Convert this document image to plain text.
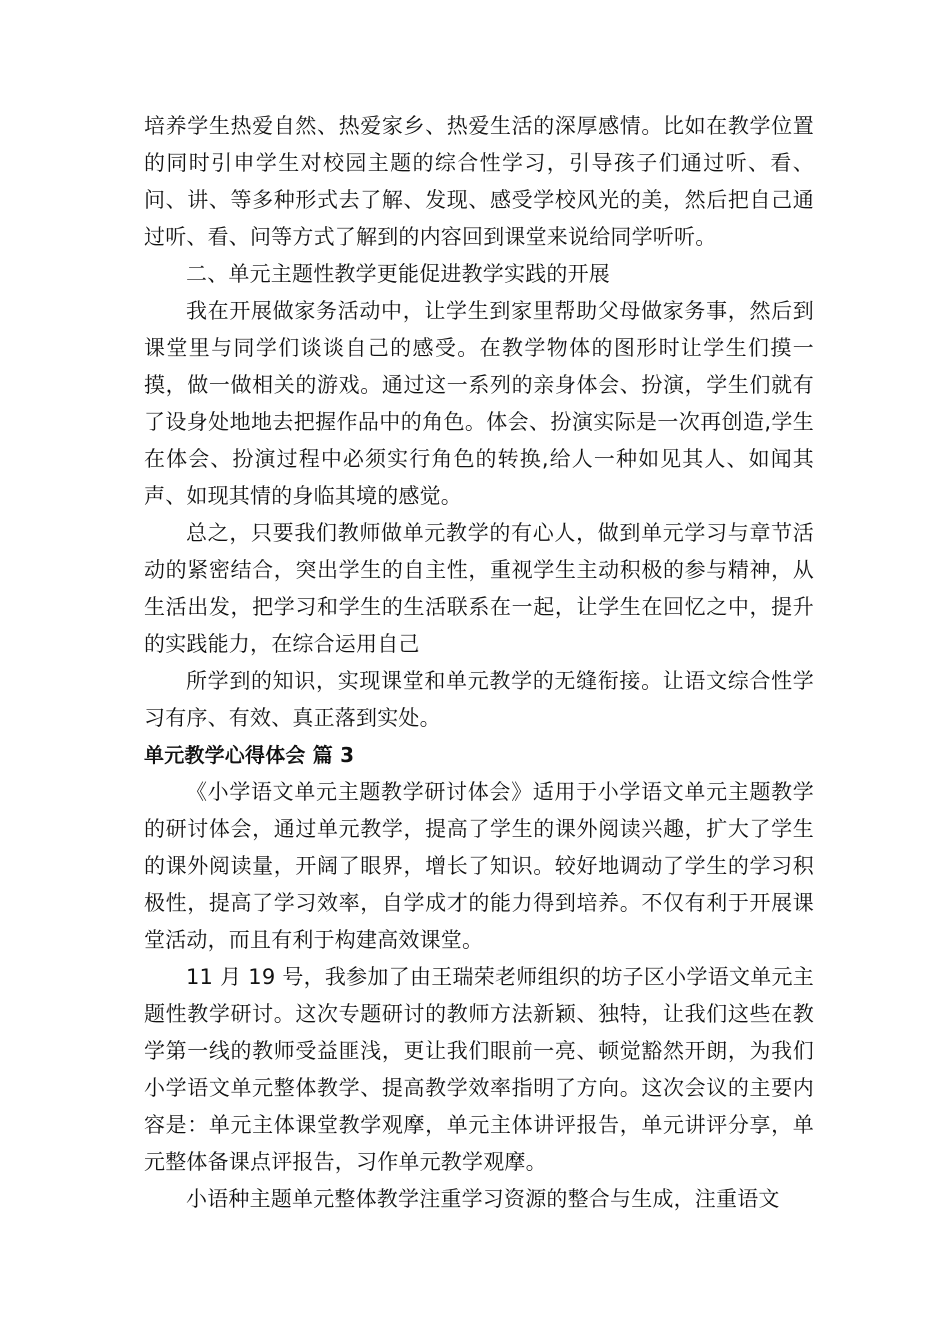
培养学生热爱自然、热爱家乡、热爱生活的深厚感情。比如在教学位置的同时引申学生对校园主题的综合性学习，引导孩子们通过听、看、问、讲、等多种形式去了解、发现、感受学校风光的美，然后把自己通过听、看、问等方式了解到的内容回到课堂来说给同学听听。

二、单元主题性教学更能促进教学实践的开展

我在开展做家务活动中，让学生到家里帮助父母做家务事，然后到课堂里与同学们谈谈自己的感受。在教学物体的图形时让学生们摸一摸，做一做相关的游戏。通过这一系列的亲身体会、扮演，学生们就有了设身处地地去把握作品中的角色。体会、扮演实际是一次再创造,学生在体会、扮演过程中必须实行角色的转换,给人一种如见其人、如闻其声、如现其情的身临其境的感觉。

总之，只要我们教师做单元教学的有心人，做到单元学习与章节活动的紧密结合，突出学生的自主性，重视学生主动积极的参与精神，从生活出发，把学习和学生的生活联系在一起，让学生在回忆之中，提升的实践能力，在综合运用自己

所学到的知识，实现课堂和单元教学的无缝衔接。让语文综合性学习有序、有效、真正落到实处。

单元教学心得体会 篇 3

《小学语文单元主题教学研讨体会》适用于小学语文单元主题教学的研讨体会，通过单元教学，提高了学生的课外阅读兴趣，扩大了学生的课外阅读量，开阔了眼界，增长了知识。较好地调动了学生的学习积极性，提高了学习效率，自学成才的能力得到培养。不仅有利于开展课堂活动，而且有利于构建高效课堂。

11 月 19 号，我参加了由王瑞荣老师组织的坊子区小学语文单元主题性教学研讨。这次专题研讨的教师方法新颖、独特，让我们这些在教学第一线的教师受益匪浅，更让我们眼前一亮、顿觉豁然开朗，为我们小学语文单元整体教学、提高教学效率指明了方向。这次会议的主要内容是：单元主体课堂教学观摩，单元主体讲评报告，单元讲评分享，单元整体备课点评报告，习作单元教学观摩。

小语种主题单元整体教学注重学习资源的整合与生成，注重语文
